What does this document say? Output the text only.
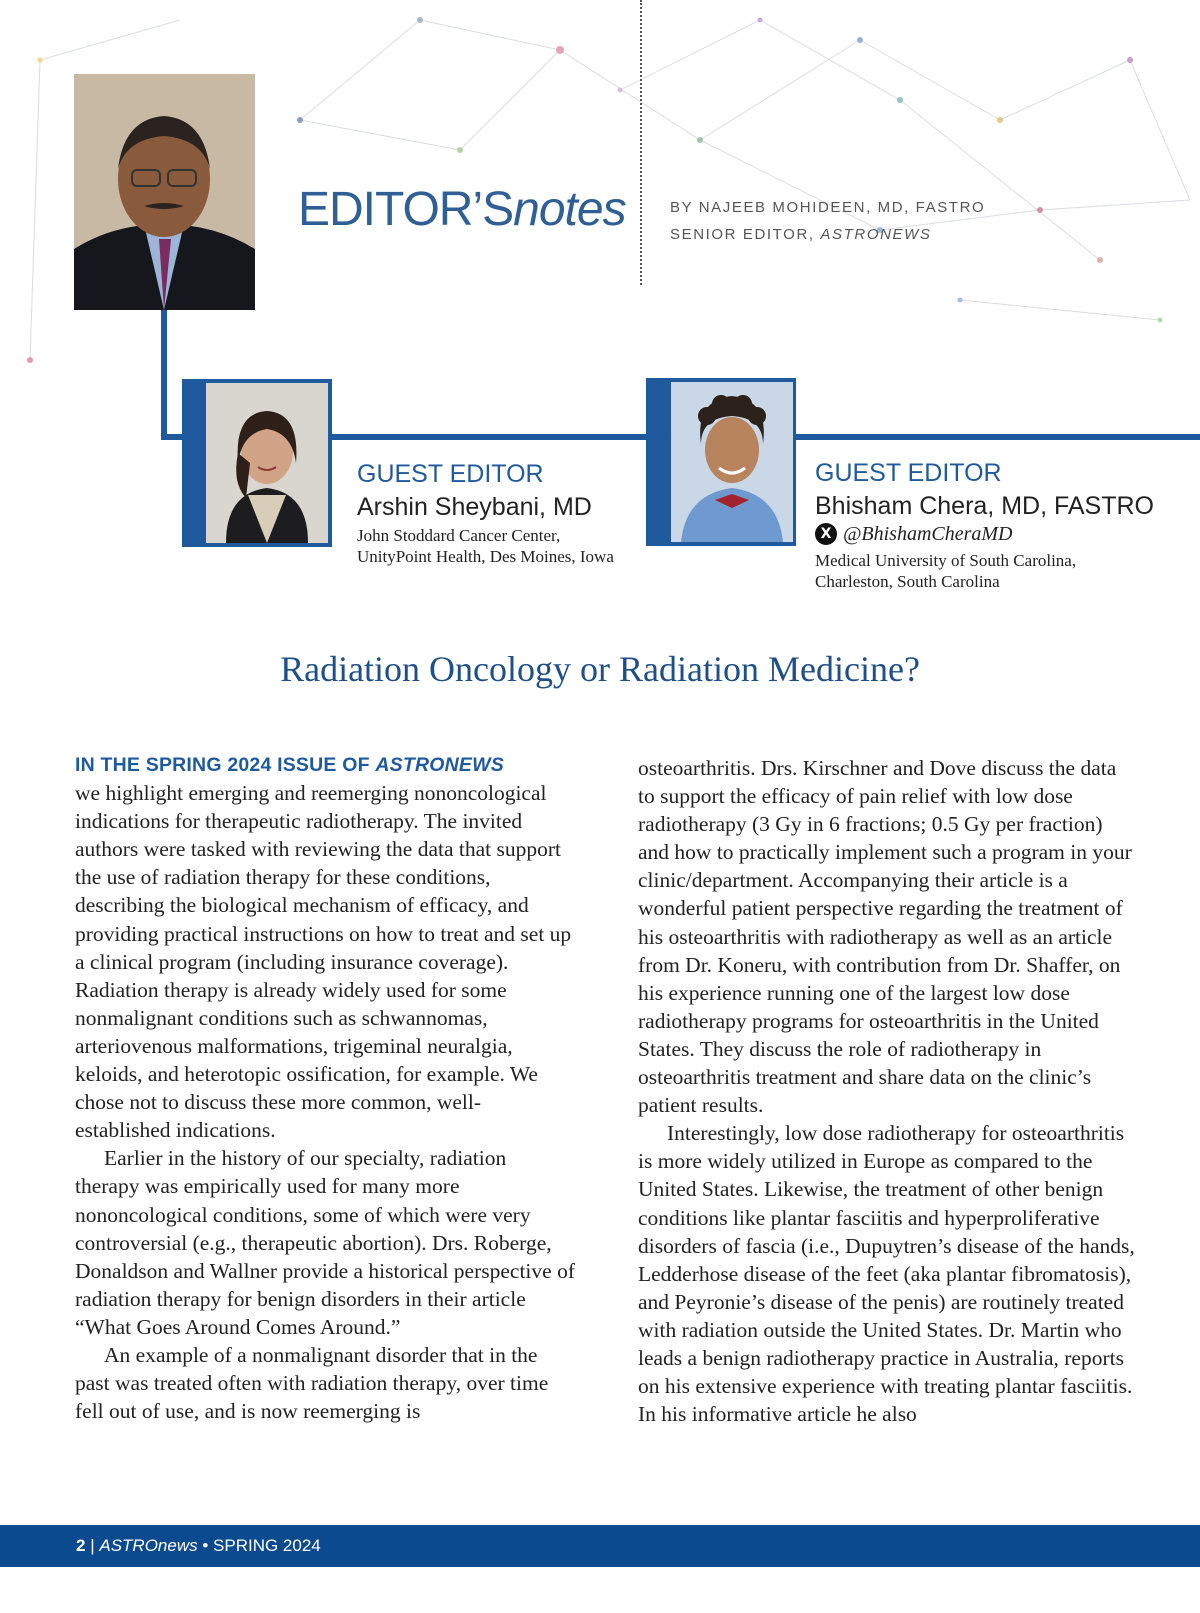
EDITOR’Snotes	BY NAJEEB MOHIDEEN, MD, FASTRO
SENIOR EDITOR, ASTRONEWS
GUEST EDITOR
Arshin Sheybani, MD
John Stoddard Cancer Center,
UnityPoint Health, Des Moines, Iowa
GUEST EDITOR
Bhisham Chera, MD, FASTRO
X @BhishamCheraMD
Medical University of South Carolina,
Charleston, South Carolina
Radiation Oncology or Radiation Medicine?
IN THE SPRING 2024 ISSUE OF ASTRONEWS

we highlight emerging and reemerging nononcological indications for therapeutic radiotherapy. The invited authors were tasked with reviewing the data that support the use of radiation therapy for these conditions, describing the biological mechanism of efficacy, and providing practical instructions on how to treat and set up a clinical program (including insurance coverage). Radiation therapy is already widely used for some nonmalignant conditions such as schwannomas, arteriovenous malformations, trigeminal neuralgia, keloids, and heterotopic ossification, for example. We chose not to discuss these more common, well-established indications.

Earlier in the history of our specialty, radiation therapy was empirically used for many more nononcological conditions, some of which were very controversial (e.g., therapeutic abortion). Drs. Roberge, Donaldson and Wallner provide a historical perspective of radiation therapy for benign disorders in their article “What Goes Around Comes Around.”

An example of a nonmalignant disorder that in the past was treated often with radiation therapy, over time fell out of use, and is now reemerging is

osteoarthritis. Drs. Kirschner and Dove discuss the data to support the efficacy of pain relief with low dose radiotherapy (3 Gy in 6 fractions; 0.5 Gy per fraction) and how to practically implement such a program in your clinic/department. Accompanying their article is a wonderful patient perspective regarding the treatment of his osteoarthritis with radiotherapy as well as an article from Dr. Koneru, with contribution from Dr. Shaffer, on his experience running one of the largest low dose radiotherapy programs for osteoarthritis in the United States. They discuss the role of radiotherapy in osteoarthritis treatment and share data on the clinic’s patient results.

Interestingly, low dose radiotherapy for osteoarthritis is more widely utilized in Europe as compared to the United States. Likewise, the treatment of other benign conditions like plantar fasciitis and hyperproliferative disorders of fascia (i.e., Dupuytren’s disease of the hands, Ledderhose disease of the feet (aka plantar fibromatosis), and Peyronie’s disease of the penis) are routinely treated with radiation outside the United States. Dr. Martin who leads a benign radiotherapy practice in Australia, reports on his extensive experience with treating plantar fasciitis. In his informative article he also

2 | ASTROnews • SPRING 2024
